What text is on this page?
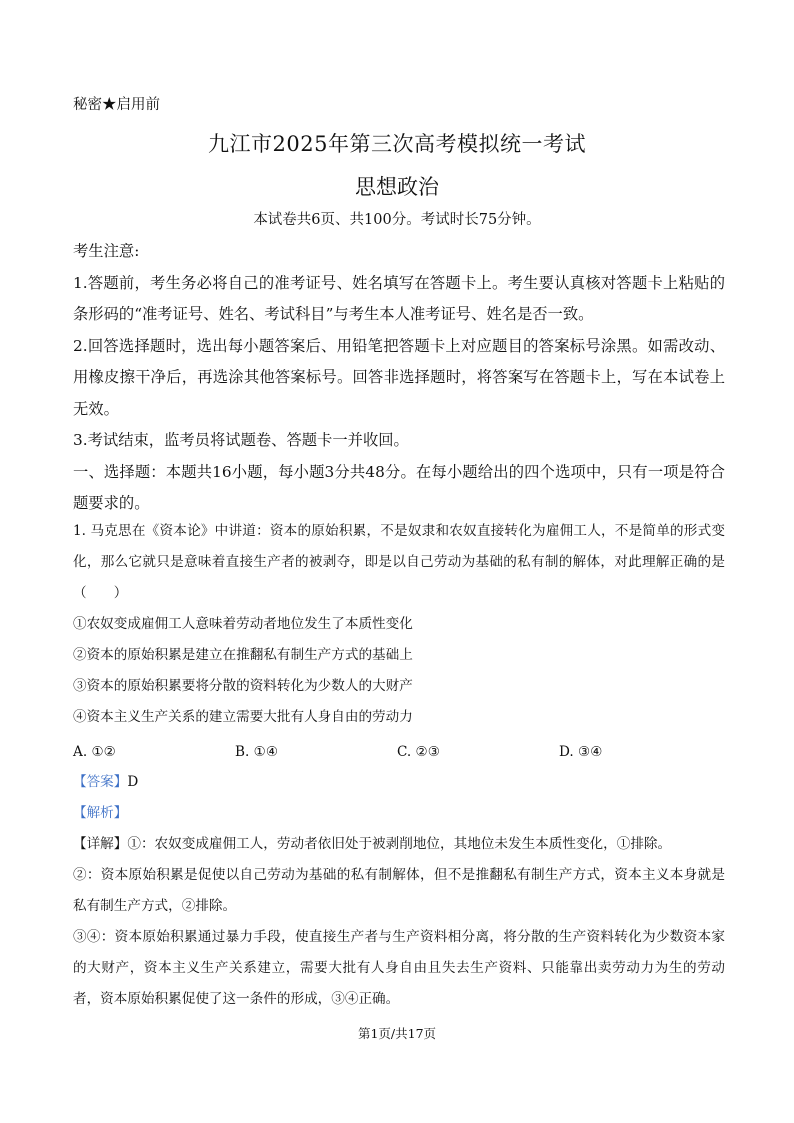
秘密★启用前
九江市2025年第三次高考模拟统一考试
思想政治
本试卷共6页、共100分。考试时长75分钟。

考生注意:

1.答题前，考生务必将自己的准考证号、姓名填写在答题卡上。考生要认真核对答题卡上粘贴的条形码的“准考证号、姓名、考试科目”与考生本人准考证号、姓名是否一致。

2.回答选择题时，选出每小题答案后、用铅笔把答题卡上对应题目的答案标号涂黑。如需改动、用橡皮擦干净后，再选涂其他答案标号。回答非选择题时，将答案写在答题卡上，写在本试卷上无效。

3.考试结束，监考员将试题卷、答题卡一并收回。

一、选择题：本题共16小题，每小题3分共48分。在每小题给出的四个选项中，只有一项是符合题要求的。

1. 马克思在《资本论》中讲道：资本的原始积累，不是奴隶和农奴直接转化为雇佣工人，不是简单的形式变化，那么它就只是意味着直接生产者的被剥夺，即是以自己劳动为基础的私有制的解体，对此理解正确的是（　　）

①农奴变成雇佣工人意味着劳动者地位发生了本质性变化

②资本的原始积累是建立在推翻私有制生产方式的基础上

③资本的原始积累要将分散的资料转化为少数人的大财产

④资本主义生产关系的建立需要大批有人身自由的劳动力

A. ①②	B. ①④	C. ②③	D. ③④
【答案】D
【解析】

【详解】①：农奴变成雇佣工人，劳动者依旧处于被剥削地位，其地位未发生本质性变化，①排除。

②：资本原始积累是促使以自己劳动为基础的私有制解体，但不是推翻私有制生产方式，资本主义本身就是私有制生产方式，②排除。

③④：资本原始积累通过暴力手段，使直接生产者与生产资料相分离，将分散的生产资料转化为少数资本家的大财产，资本主义生产关系建立，需要大批有人身自由且失去生产资料、只能靠出卖劳动力为生的劳动者，资本原始积累促使了这一条件的形成，③④正确。

第1页/共17页
